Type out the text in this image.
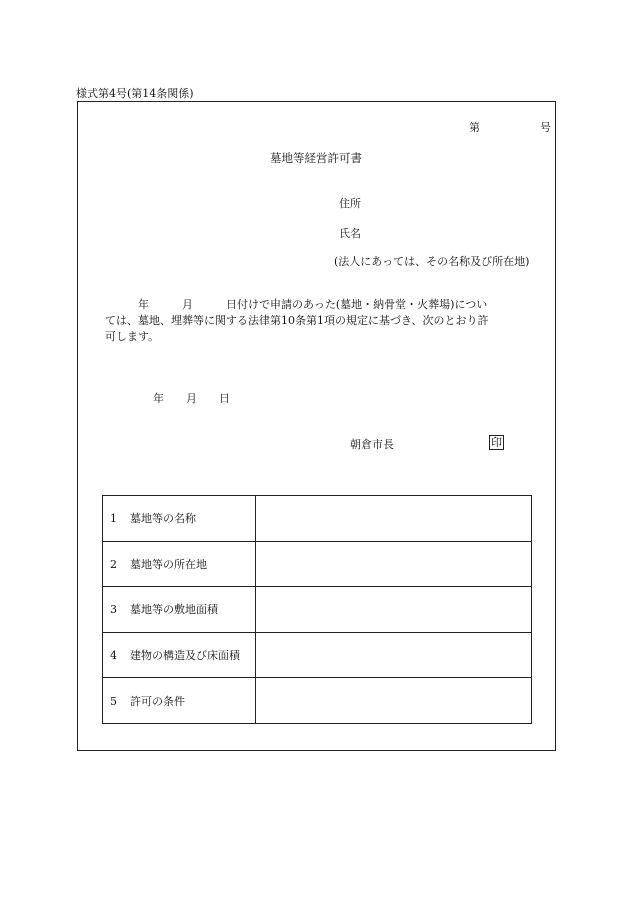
様式第4号(第14条関係)
第	号
墓地等経営許可書
住所
氏名
(法人にあっては、その名称及び所在地)
　　　年　　　月　　　日付けで申請のあった(墓地・納骨堂・火葬場)につい
ては、墓地、埋葬等に関する法律第10条第1項の規定に基づき、次のとおり許
可します。
年　　月　　日
朝倉市長	印
1 墓地等の名称	
2 墓地等の所在地	
3 墓地等の敷地面積	
4 建物の構造及び床面積	
5 許可の条件	
